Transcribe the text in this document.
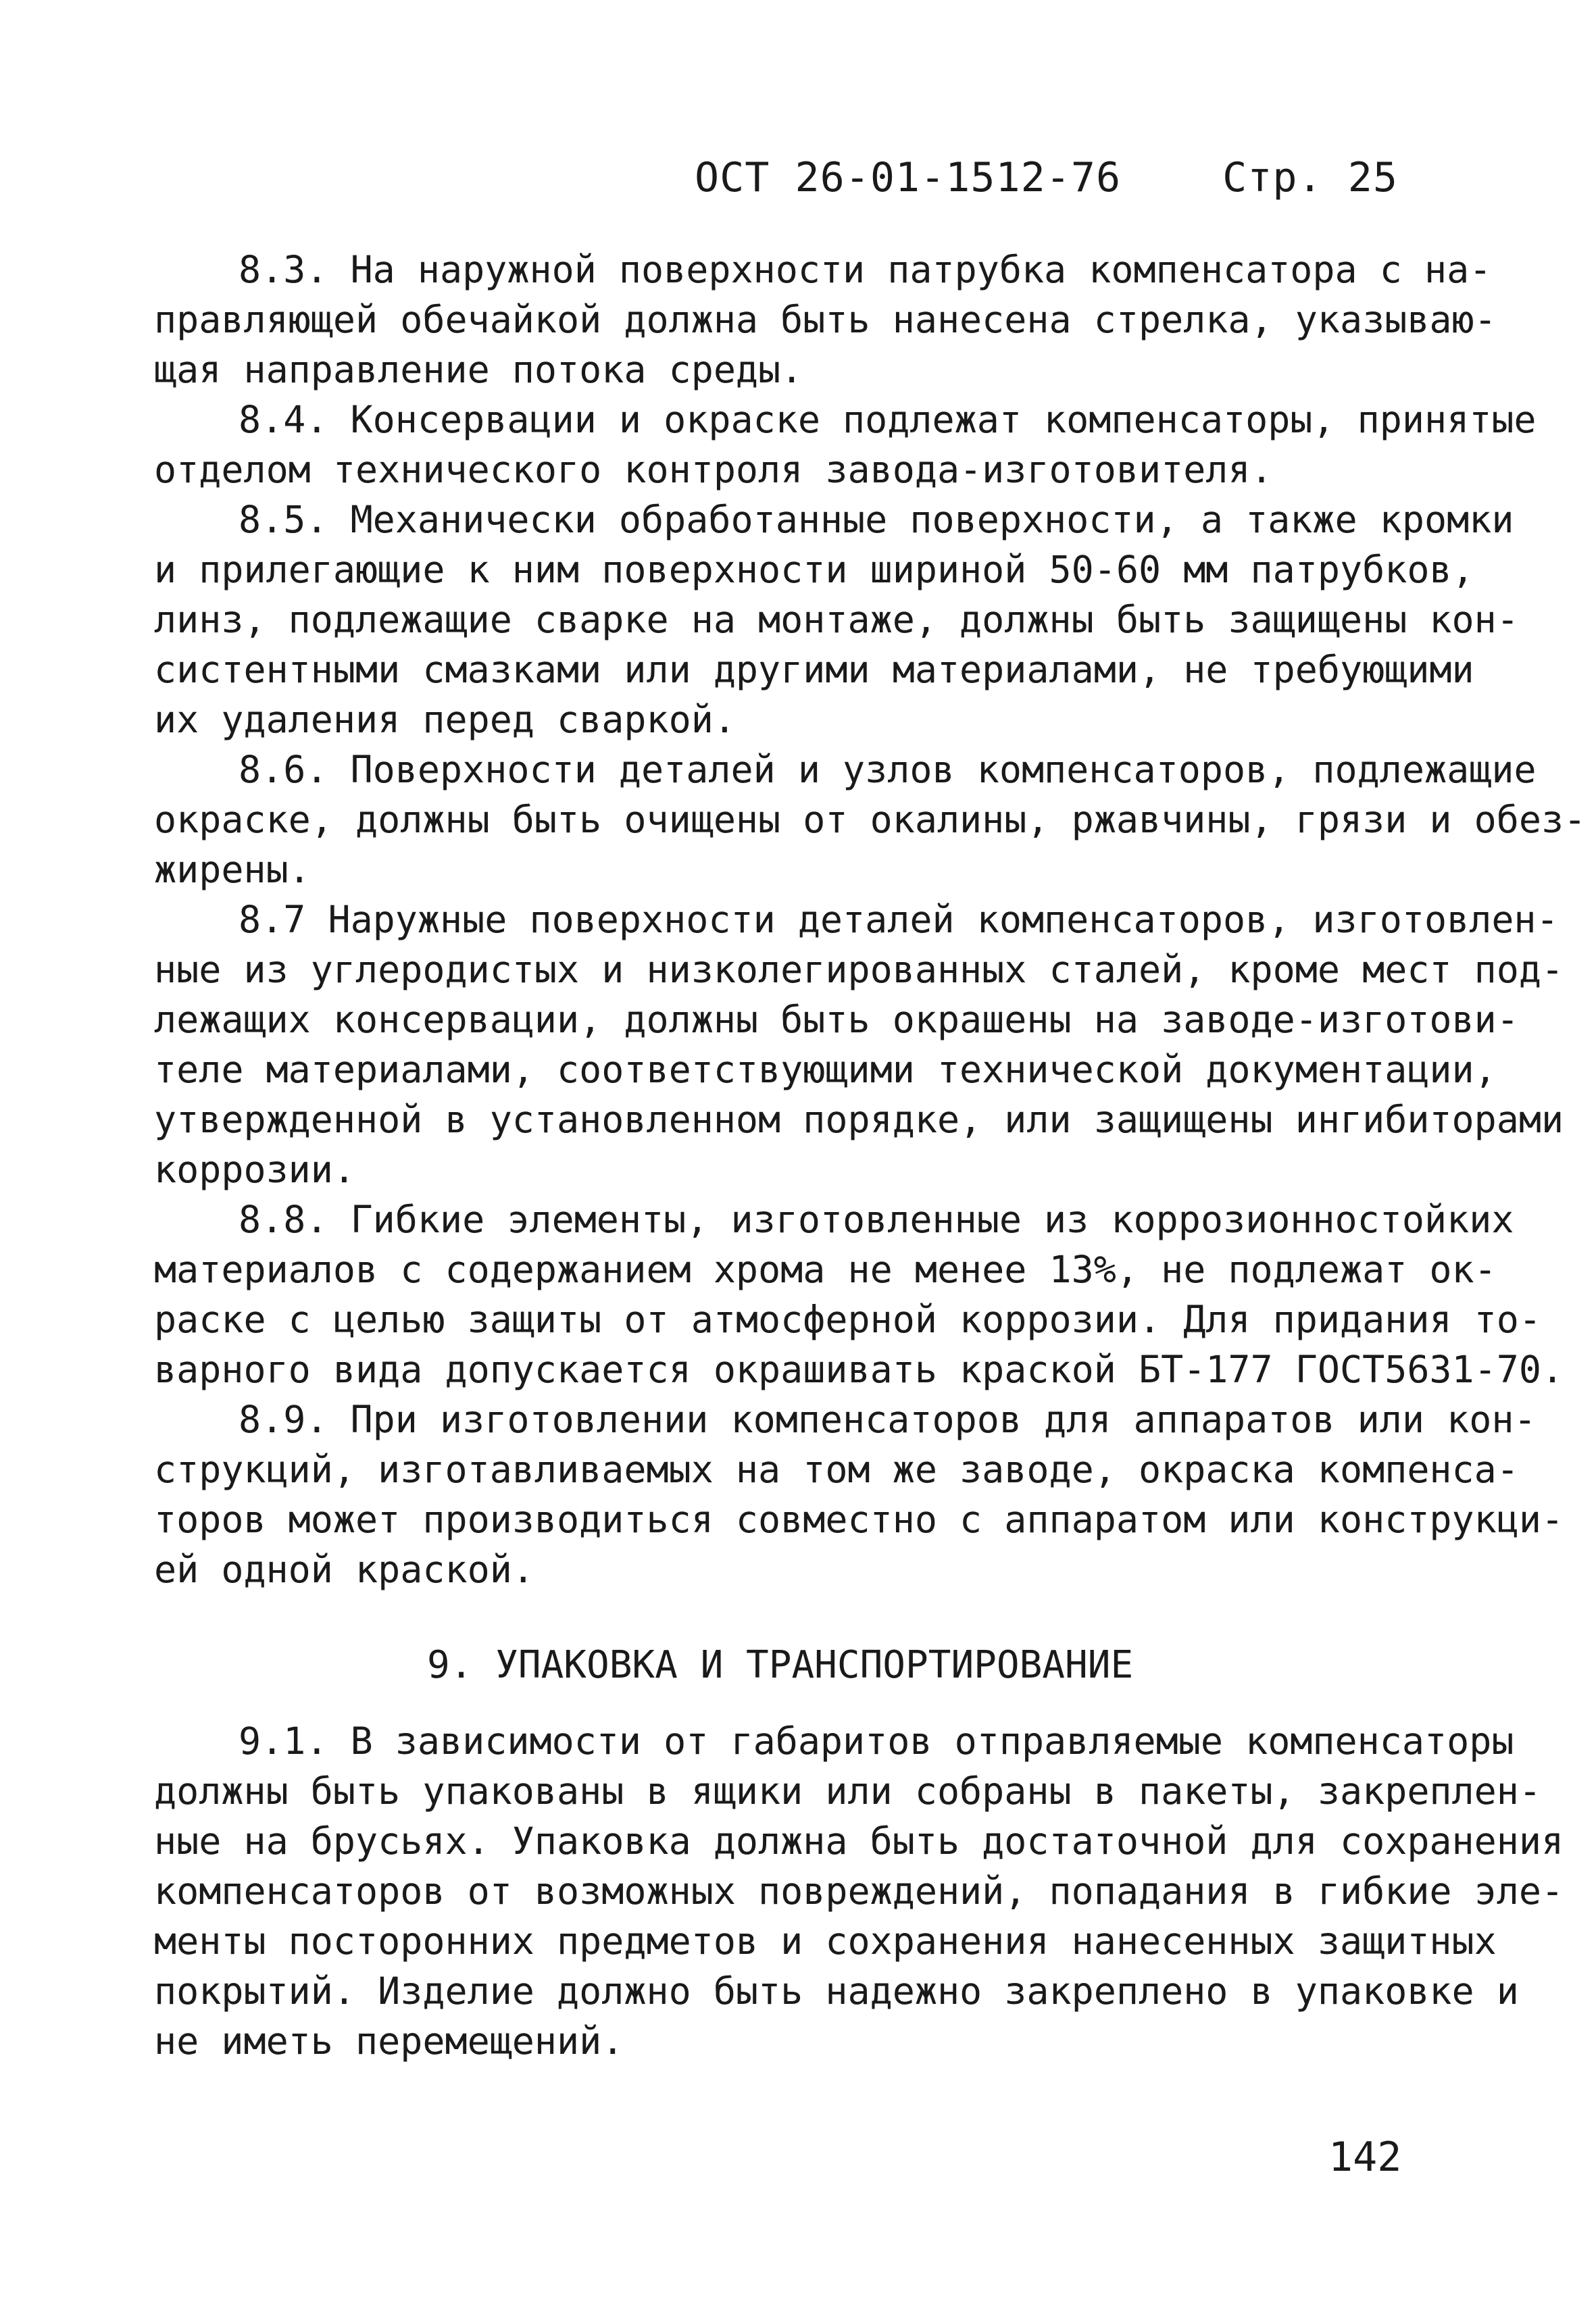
ОСТ 26-01-1512-76	Стр. 25
8.3. На наружной поверхности патрубка компенсатора с на-
правляющей обечайкой должна быть нанесена стрелка, указываю-
щая направление потока среды.
8.4. Консервации и окраске подлежат компенсаторы, принятые
отделом технического контроля завода-изготовителя.
8.5. Механически обработанные поверхности, а также кромки
и прилегающие к ним поверхности шириной 50-60 мм патрубков,
линз, подлежащие сварке на монтаже, должны быть защищены кон-
систентными смазками или другими материалами, не требующими
их удаления перед сваркой.
8.6. Поверхности деталей и узлов компенсаторов, подлежащие
окраске, должны быть очищены от окалины, ржавчины, грязи и обез-
жирены.
8.7 Наружные поверхности деталей компенсаторов, изготовлен-
ные из углеродистых и низколегированных сталей, кроме мест под-
лежащих консервации, должны быть окрашены на заводе-изготови-
теле материалами, соответствующими технической документации,
утвержденной в установленном порядке, или защищены ингибиторами
коррозии.
8.8. Гибкие элементы, изготовленные из коррозионностойких
материалов с содержанием хрома не менее 13%, не подлежат ок-
раске с целью защиты от атмосферной коррозии. Для придания то-
варного вида допускается окрашивать краской БТ-177 ГОСТ5631-70.
8.9. При изготовлении компенсаторов для аппаратов или кон-
струкций, изготавливаемых на том же заводе, окраска компенса-
торов может производиться совместно с аппаратом или конструкци-
ей одной краской.
9. УПАКОВКА И ТРАНСПОРТИРОВАНИЕ
9.1. В зависимости от габаритов отправляемые компенсаторы
должны быть упакованы в ящики или собраны в пакеты, закреплен-
ные на брусьях. Упаковка должна быть достаточной для сохранения
компенсаторов от возможных повреждений, попадания в гибкие эле-
менты посторонних предметов и сохранения нанесенных защитных
покрытий. Изделие должно быть надежно закреплено в упаковке и
не иметь перемещений.
142
